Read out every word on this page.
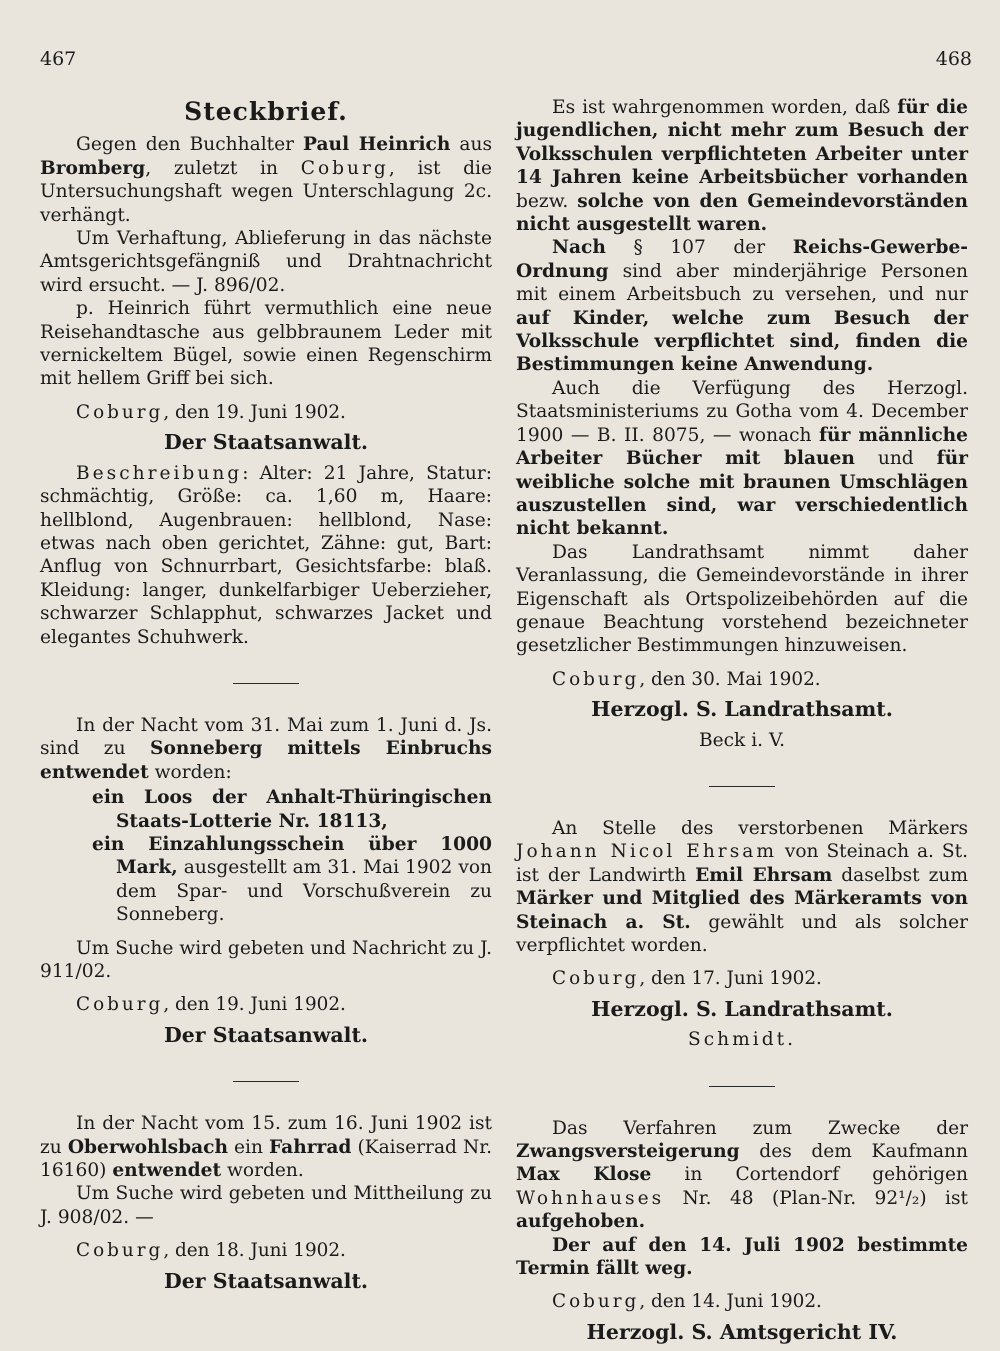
467	468
Steckbrief.

Gegen den Buchhalter Paul Heinrich aus Bromberg, zuletzt in Coburg, ist die Untersuchungshaft wegen Unterschlagung 2c. verhängt.

Um Verhaftung, Ablieferung in das nächste Amtsgerichtsgefängniß und Drahtnachricht wird ersucht. — J. 896/02.

p. Heinrich führt vermuthlich eine neue Reisehandtasche aus gelbbraunem Leder mit vernickeltem Bügel, sowie einen Regenschirm mit hellem Griff bei sich.

Coburg, den 19. Juni 1902.
Der Staatsanwalt.

Beschreibung: Alter: 21 Jahre, Statur: schmächtig, Größe: ca. 1,60 m, Haare: hellblond, Augenbrauen: hellblond, Nase: etwas nach oben gerichtet, Zähne: gut, Bart: Anflug von Schnurrbart, Gesichtsfarbe: blaß. Kleidung: langer, dunkelfarbiger Ueberzieher, schwarzer Schlapphut, schwarzes Jacket und elegantes Schuhwerk.

In der Nacht vom 31. Mai zum 1. Juni d. Js. sind zu Sonneberg mittels Einbruchs entwendet worden:

ein Loos der Anhalt-Thüringischen Staats-Lotterie Nr. 18113,

ein Einzahlungsschein über 1000 Mark, ausgestellt am 31. Mai 1902 von dem Spar- und Vorschußverein zu Sonneberg.

Um Suche wird gebeten und Nachricht zu J. 911/02.

Coburg, den 19. Juni 1902.
Der Staatsanwalt.

In der Nacht vom 15. zum 16. Juni 1902 ist zu Oberwohlsbach ein Fahrrad (Kaiserrad Nr. 16160) entwendet worden.

Um Suche wird gebeten und Mittheilung zu J. 908/02. —

Coburg, den 18. Juni 1902.
Der Staatsanwalt.

Es ist wahrgenommen worden, daß für die jugendlichen, nicht mehr zum Besuch der Volksschulen verpflichteten Arbeiter unter 14 Jahren keine Arbeitsbücher vorhanden bezw. solche von den Gemeindevorständen nicht ausgestellt waren.

Nach § 107 der Reichs-Gewerbe-Ordnung sind aber minderjährige Personen mit einem Arbeitsbuch zu versehen, und nur auf Kinder, welche zum Besuch der Volksschule verpflichtet sind, finden die Bestimmungen keine Anwendung.

Auch die Verfügung des Herzogl. Staatsministeriums zu Gotha vom 4. December 1900 — B. II. 8075, — wonach für männliche Arbeiter Bücher mit blauen und für weibliche solche mit braunen Umschlägen auszustellen sind, war verschiedentlich nicht bekannt.

Das Landrathsamt nimmt daher Veranlassung, die Gemeindevorstände in ihrer Eigenschaft als Ortspolizeibehörden auf die genaue Beachtung vorstehend bezeichneter gesetzlicher Bestimmungen hinzuweisen.

Coburg, den 30. Mai 1902.
Herzogl. S. Landrathsamt.
Beck i. V.

An Stelle des verstorbenen Märkers Johann Nicol Ehrsam von Steinach a. St. ist der Landwirth Emil Ehrsam daselbst zum Märker und Mitglied des Märkeramts von Steinach a. St. gewählt und als solcher verpflichtet worden.

Coburg, den 17. Juni 1902.
Herzogl. S. Landrathsamt.
Schmidt.

Das Verfahren zum Zwecke der Zwangsversteigerung des dem Kaufmann Max Klose in Cortendorf gehörigen Wohnhauses Nr. 48 (Plan-Nr. 92¹/₂) ist aufgehoben.

Der auf den 14. Juli 1902 bestimmte Termin fällt weg.

Coburg, den 14. Juni 1902.
Herzogl. S. Amtsgericht IV.
